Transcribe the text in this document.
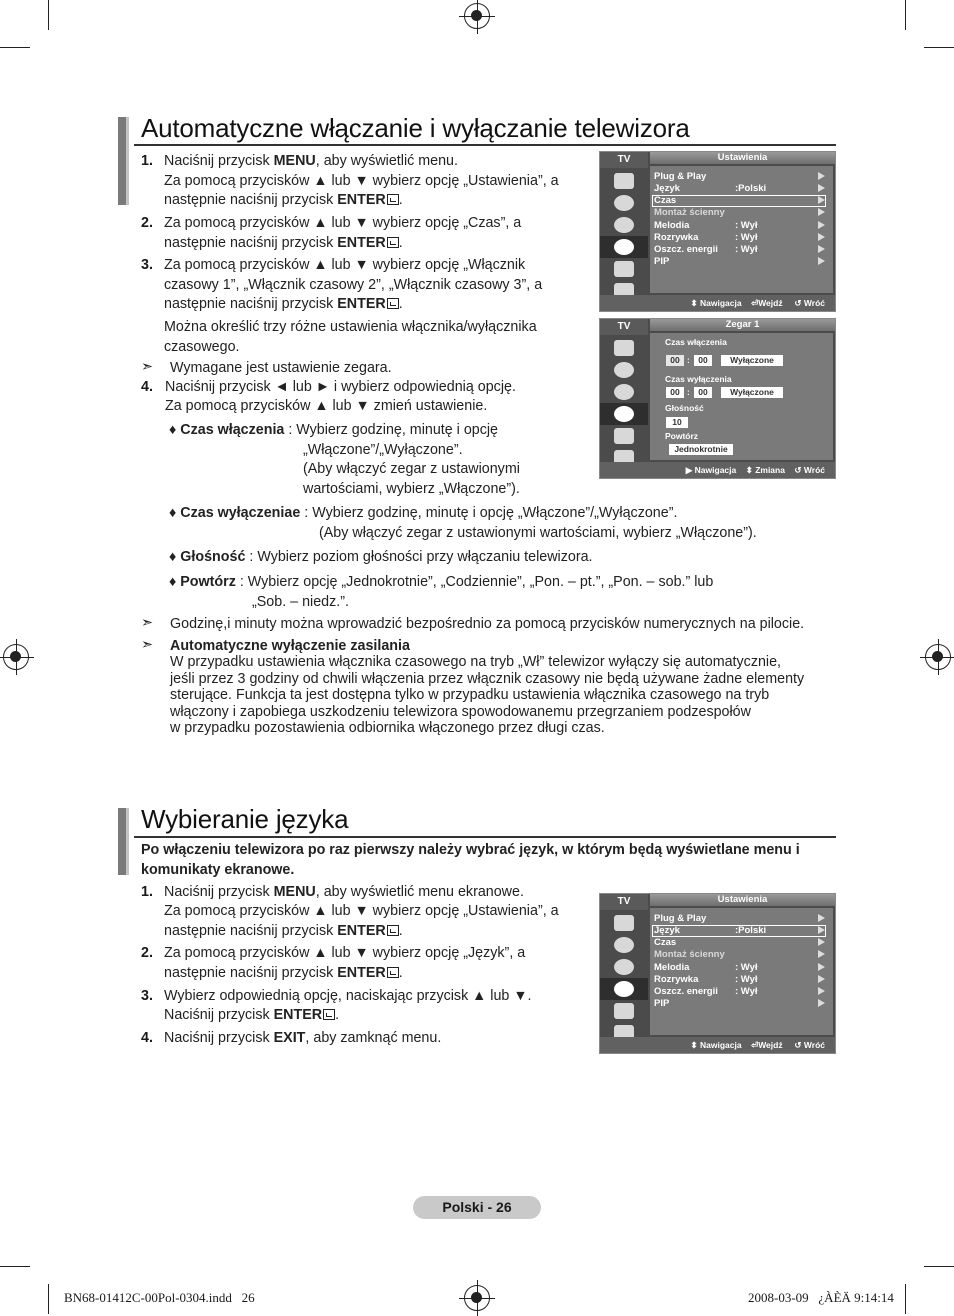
Automatyczne włączanie i wyłączanie telewizora
1. Naciśnij przycisk MENU, aby wyświetlić menu.
Za pomocą przycisków ▲ lub ▼ wybierz opcję „Ustawienia”, a
następnie naciśnij przycisk ENTER .
2. Za pomocą przycisków ▲ lub ▼ wybierz opcję „Czas”, a
następnie naciśnij przycisk ENTER .
3. Za pomocą przycisków ▲ lub ▼ wybierz opcję „Włącznik
czasowy 1”, „Włącznik czasowy 2”, „Włącznik czasowy 3”, a
następnie naciśnij przycisk ENTER .
Można określić trzy różne ustawienia włącznika/wyłącznika
czasowego.
➣ Wymagane jest ustawienie zegara.
4. Naciśnij przycisk ◄ lub ► i wybierz odpowiednią opcję.
Za pomocą przycisków ▲ lub ▼ zmień ustawienie.
♦ Czas włączenia : Wybierz godzinę, minutę i opcję
„Włączone”/„Wyłączone”.
(Aby włączyć zegar z ustawionymi
wartościami, wybierz „Włączone”).
♦ Czas wyłączeniae : Wybierz godzinę, minutę i opcję „Włączone”/„Wyłączone”.
(Aby włączyć zegar z ustawionymi wartościami, wybierz „Włączone”).
♦ Głośność : Wybierz poziom głośności przy włączaniu telewizora.
♦ Powtórz : Wybierz opcję „Jednokrotnie”, „Codziennie”, „Pon. – pt.”, „Pon. – sob.” lub
„Sob. – niedz.”.
➣ Godzinę,i minuty można wprowadzić bezpośrednio za pomocą przycisków numerycznych na pilocie.
➣ Automatyczne wyłączenie zasilania
W przypadku ustawienia włącznika czasowego na tryb „Wł” telewizor wyłączy się automatycznie,
jeśli przez 3 godziny od chwili włączenia przez włącznik czasowy nie będą używane żadne elementy
sterujące. Funkcja ta jest dostępna tylko w przypadku ustawienia włącznika czasowego na tryb
włączony i zapobiega uszkodzeniu telewizora spowodowanemu przegrzaniem podzespołów
w przypadku pozostawienia odbiornika włączonego przez długi czas.
TV	Ustawienia
Plug & Play
Język	:Polski
Czas
Montaż ścienny
Melodia	: Wył
Rozrywka	: Wył
Oszcz. energii : Wył
PIP
⬍ Nawigacja ⏎Wejdź ↺ Wróć
TV	Zegar 1
Czas włączenia
00 : 00	Wyłączone
Czas wyłączenia
00 : 00	Wyłączone
Głośność
10
Powtórz
Jednokrotnie
▶ Nawigacja ⬍ Zmiana ↺ Wróć
Wybieranie języka
Po włączeniu telewizora po raz pierwszy należy wybrać język, w którym będą wyświetlane menu i
komunikaty ekranowe.
1. Naciśnij przycisk MENU, aby wyświetlić menu ekranowe.
Za pomocą przycisków ▲ lub ▼ wybierz opcję „Ustawienia”, a
następnie naciśnij przycisk ENTER .
2. Za pomocą przycisków ▲ lub ▼ wybierz opcję „Język”, a
następnie naciśnij przycisk ENTER .
3. Wybierz odpowiednią opcję, naciskając przycisk ▲ lub ▼.
Naciśnij przycisk ENTER .
4. Naciśnij przycisk EXIT, aby zamknąć menu.
TV	Ustawienia
Plug & Play
Język	:Polski
Czas
Montaż ścienny
Melodia	: Wył
Rozrywka	: Wył
Oszcz. energii : Wył
PIP
⬍ Nawigacja ⏎Wejdź ↺ Wróć
Polski - 26
BN68-01412C-00Pol-0304.indd   26	2008-03-09   ¿ÀÈÄ 9:14:14
